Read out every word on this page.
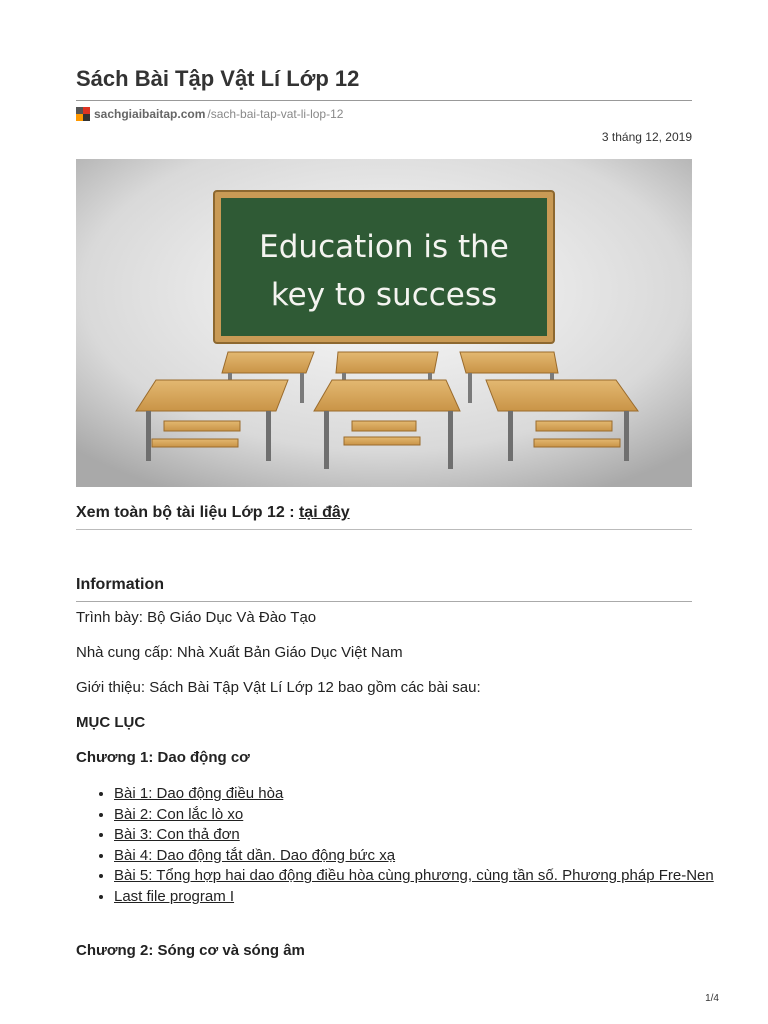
Sách Bài Tập Vật Lí Lớp 12
sachgiaibaitap.com /sach-bai-tap-vat-li-lop-12
3 tháng 12, 2019
Education is the
key to success
Xem toàn bộ tài liệu Lớp 12 : tại đây
Information
Trình bày: Bộ Giáo Dục Và Đào Tạo
Nhà cung cấp: Nhà Xuất Bản Giáo Dục Việt Nam
Giới thiệu: Sách Bài Tập Vật Lí Lớp 12 bao gồm các bài sau:
MỤC LỤC
Chương 1: Dao động cơ
• Bài 1: Dao động điều hòa
• Bài 2: Con lắc lò xo
• Bài 3: Con thả đơn
• Bài 4: Dao động tắt dần. Dao động bức xạ
• Bài 5: Tổng hợp hai dao động điều hòa cùng phương, cùng tần số. Phương pháp Fre-Nen
• Last file program I
Chương 2: Sóng cơ và sóng âm
1/4
